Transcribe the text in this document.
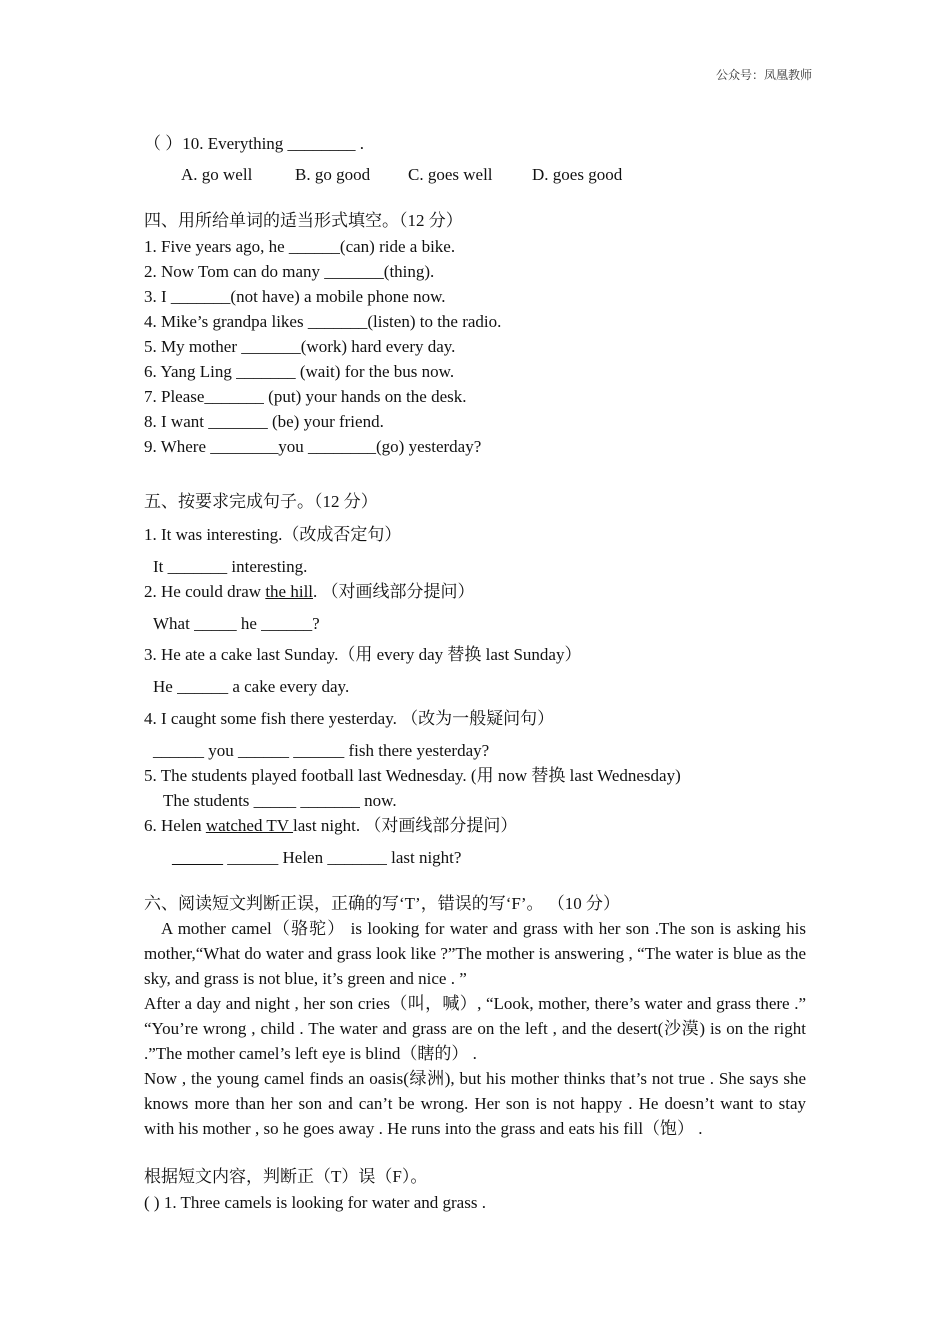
公众号：凤凰教师
（ ）10. Everything ________ .
A. go well	B. go good C. goes well D. goes good
四、用所给单词的适当形式填空。（12 分）
1. Five years ago, he ______(can) ride a bike.
2. Now Tom can do many _______(thing).
3. I _______(not have) a mobile phone now.
4. Mike’s grandpa likes _______(listen) to the radio.
5. My mother _______(work) hard every day.
6. Yang Ling _______ (wait) for the bus now.
7. Please_______ (put) your hands on the desk.
8. I want _______ (be) your friend.
9. Where ________you ________(go) yesterday?
五、按要求完成句子。（12 分）
1. It was interesting.（改成否定句）
It _______ interesting.
2. He could draw the hill. （对画线部分提问）
What _____ he ______?
3. He ate a cake last Sunday.（用 every day 替换 last Sunday）
He ______ a cake every day.
4. I caught some fish there yesterday. （改为一般疑问句）
______ you ______ ______ fish there yesterday?
5. The students played football last Wednesday. (用 now 替换 last Wednesday)
The students _____ _______ now.
6. Helen watched TV last night. （对画线部分提问）
______ ______ Helen _______ last night?
六、阅读短文判断正误，正确的写‘T’，错误的写‘F’。 （10 分）

A mother camel（骆驼） is looking for water and grass with her son .The son is asking his mother,“What do water and grass look like ?”The mother is answering , “The water is blue as the sky, and grass is not blue, it’s green and nice . ”

After a day and night , her son cries（叫，喊）, “Look, mother, there’s water and grass there .” “You’re wrong , child . The water and grass are on the left , and the desert(沙漠) is on the right .”The mother camel’s left eye is blind（瞎的） .

Now , the young camel finds an oasis(绿洲), but his mother thinks that’s not true . She says she knows more than her son and can’t be wrong. Her son is not happy . He doesn’t want to stay with his mother , so he goes away . He runs into the grass and eats his fill（饱） .

根据短文内容，判断正（T）误（F）。
( ) 1. Three camels is looking for water and grass .
